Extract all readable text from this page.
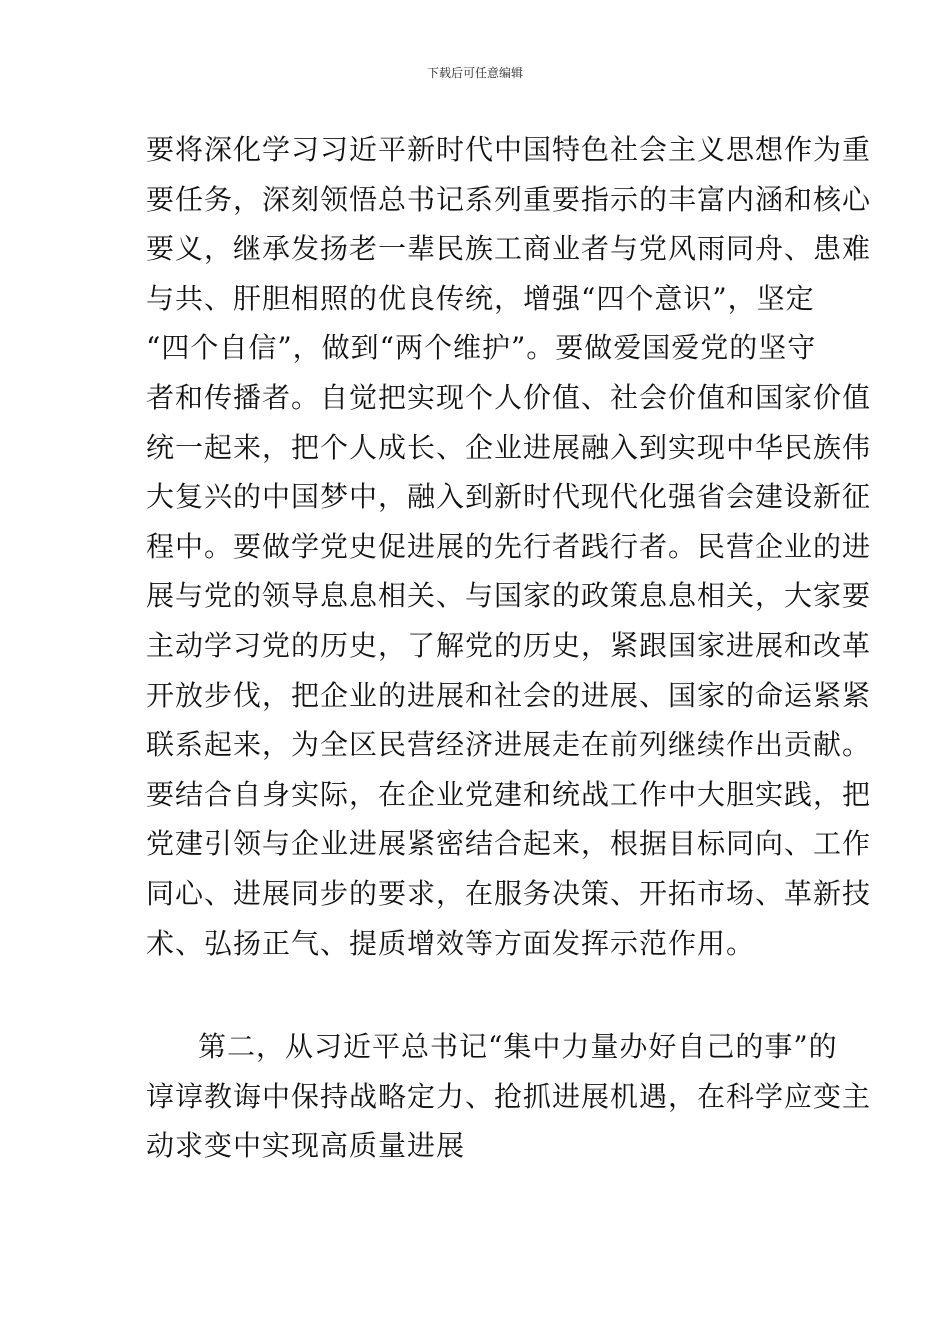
下载后可任意编辑
要将深化学习习近平新时代中国特色社会主义思想作为重
要任务，深刻领悟总书记系列重要指示的丰富内涵和核心
要义，继承发扬老一辈民族工商业者与党风雨同舟、患难
与共、肝胆相照的优良传统，增强“四个意识”，坚定
“四个自信”，做到“两个维护”。要做爱国爱党的坚守
者和传播者。自觉把实现个人价值、社会价值和国家价值
统一起来，把个人成长、企业进展融入到实现中华民族伟
大复兴的中国梦中，融入到新时代现代化强省会建设新征
程中。要做学党史促进展的先行者践行者。民营企业的进
展与党的领导息息相关、与国家的政策息息相关，大家要
主动学习党的历史，了解党的历史，紧跟国家进展和改革
开放步伐，把企业的进展和社会的进展、国家的命运紧紧
联系起来，为全区民营经济进展走在前列继续作出贡献。
要结合自身实际，在企业党建和统战工作中大胆实践，把
党建引领与企业进展紧密结合起来，根据目标同向、工作
同心、进展同步的要求，在服务决策、开拓市场、革新技
术、弘扬正气、提质增效等方面发挥示范作用。
第二，从习近平总书记“集中力量办好自己的事”的
谆谆教诲中保持战略定力、抢抓进展机遇，在科学应变主
动求变中实现高质量进展
